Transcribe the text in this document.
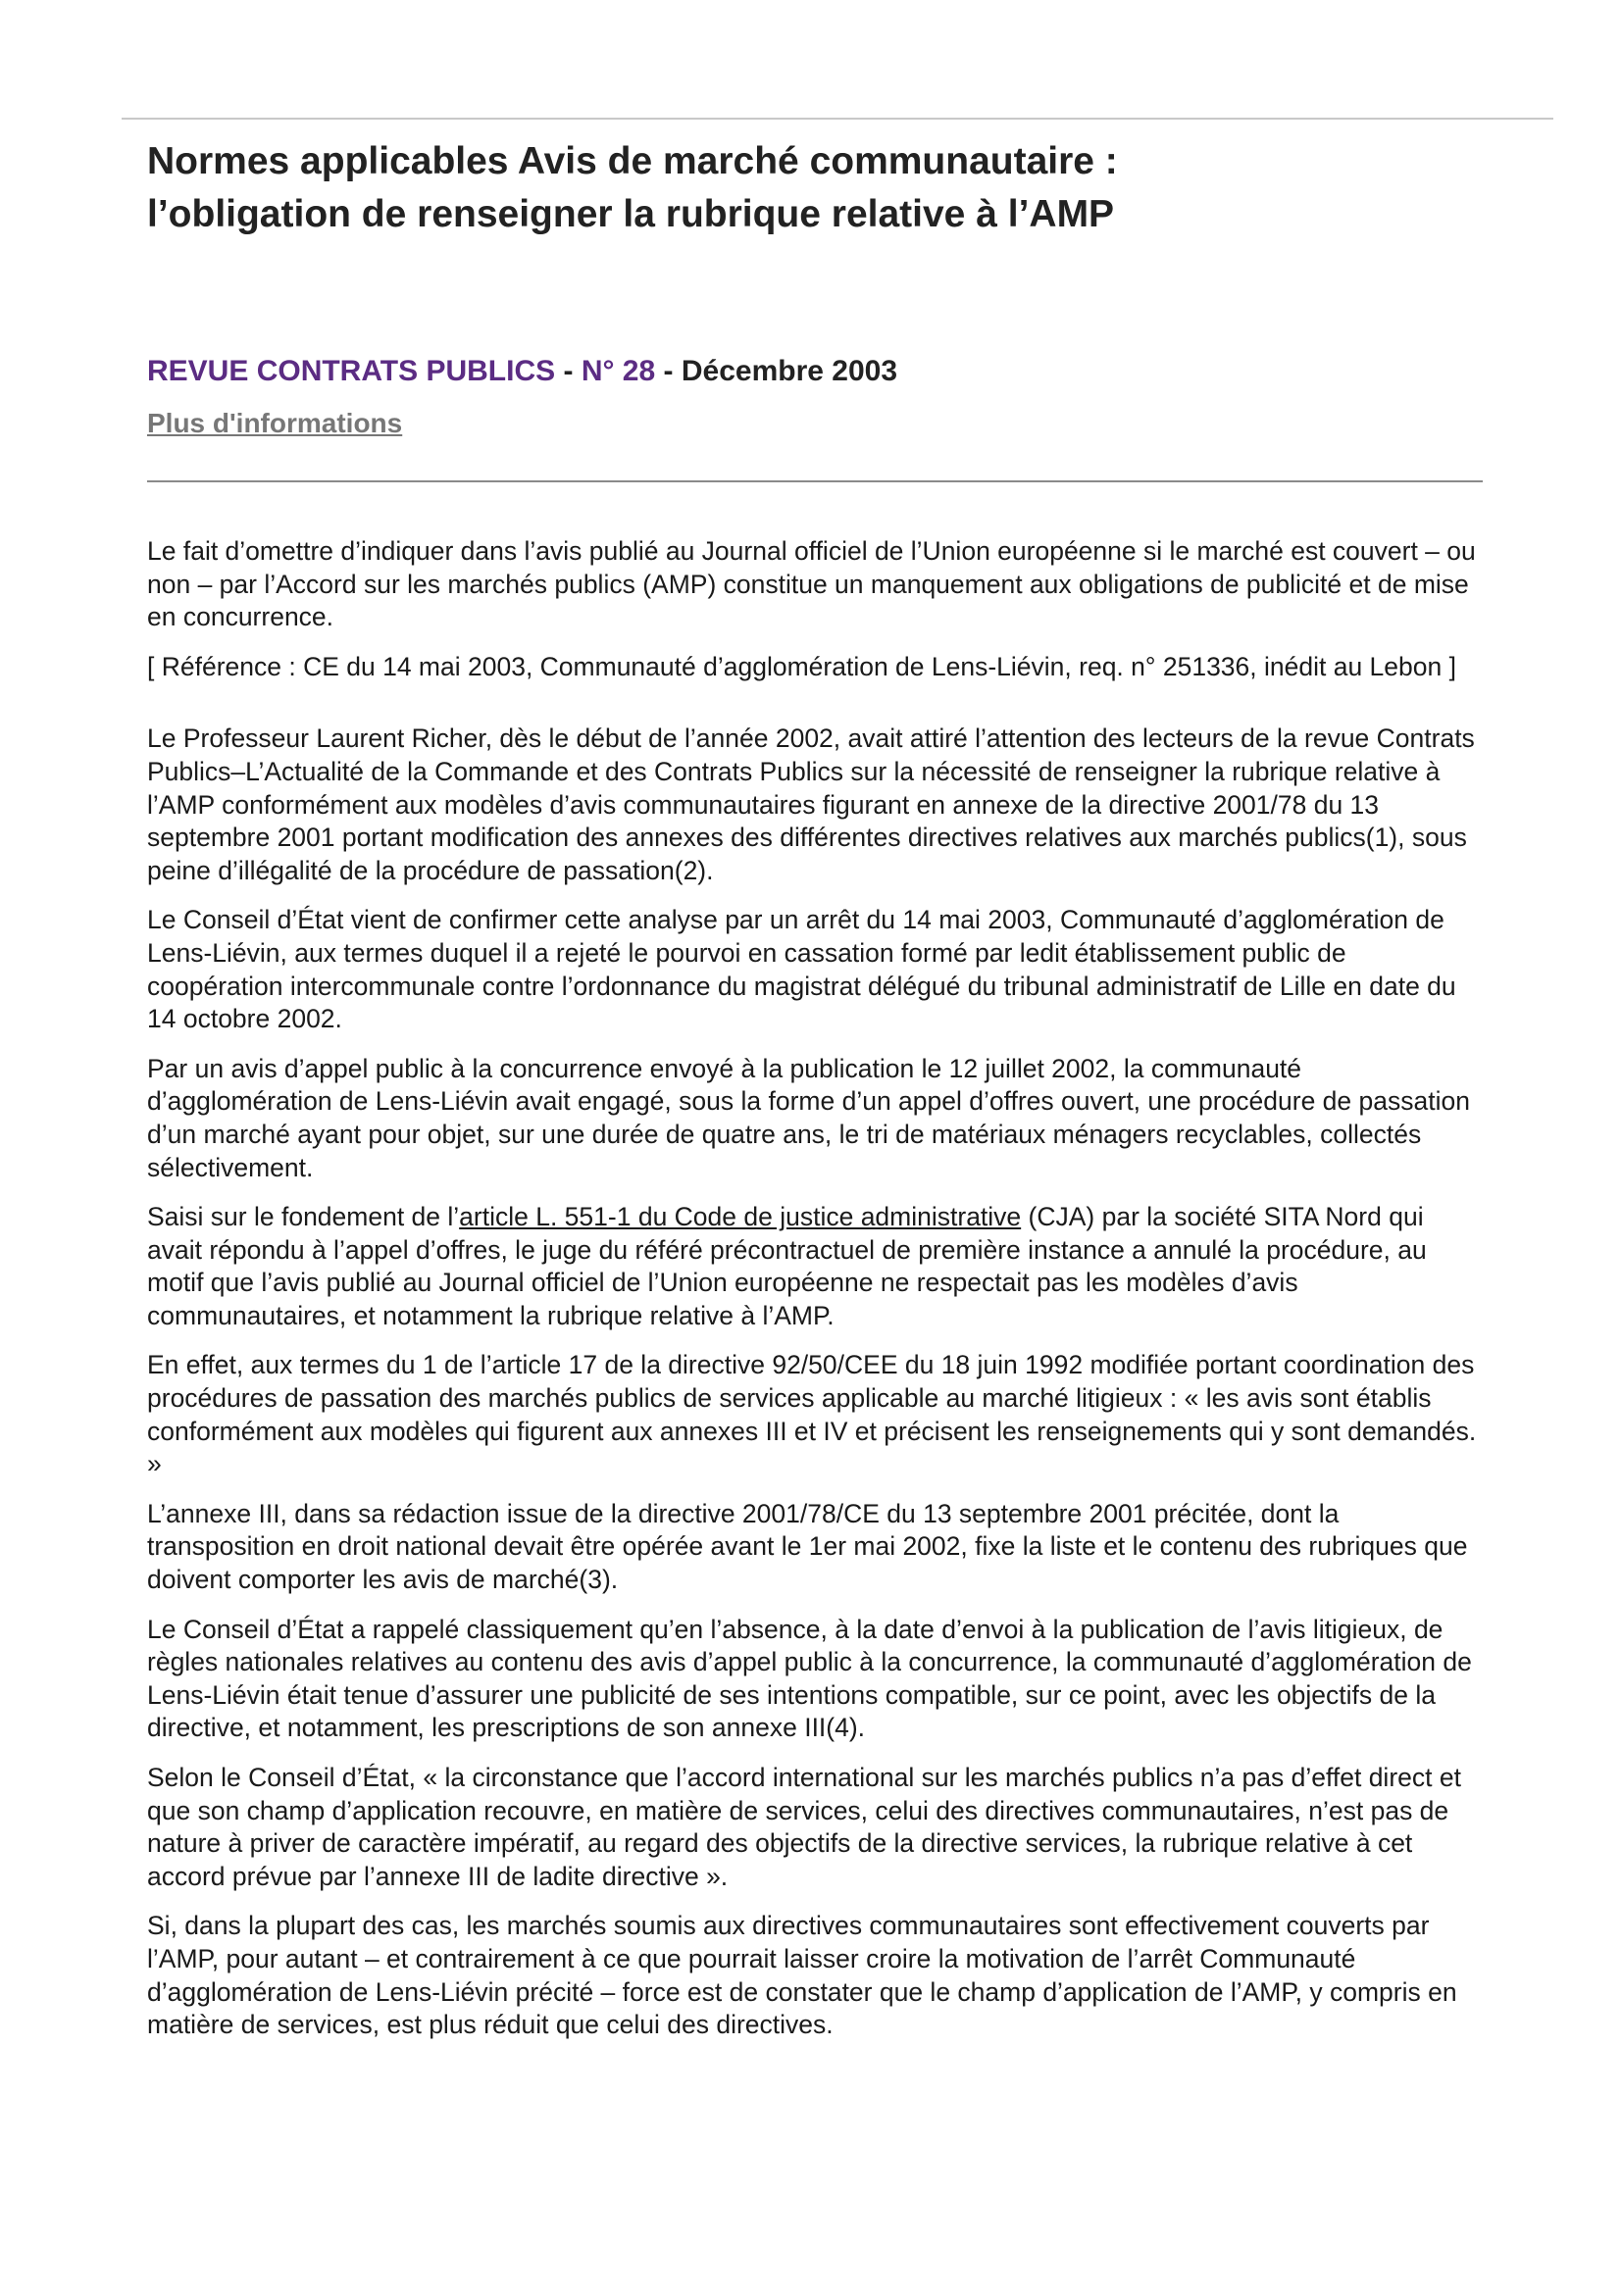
Normes applicables Avis de marché communautaire :
l’obligation de renseigner la rubrique relative à l’AMP
REVUE CONTRATS PUBLICS - N° 28 - Décembre 2003
Plus d'informations

Le fait d’omettre d’indiquer dans l’avis publié au Journal officiel de l’Union européenne si le marché est couvert – ou non – par l’Accord sur les marchés publics (AMP) constitue un manquement aux obligations de publicité et de mise en concurrence.

[ Référence : CE du 14 mai 2003, Communauté d’agglomération de Lens-Liévin, req. n° 251336, inédit au Lebon ]

Le Professeur Laurent Richer, dès le début de l’année 2002, avait attiré l’attention des lecteurs de la revue Contrats Publics–L’Actualité de la Commande et des Contrats Publics sur la nécessité de renseigner la rubrique relative à l’AMP conformément aux modèles d’avis communautaires figurant en annexe de la directive 2001/78 du 13 septembre 2001 portant modification des annexes des différentes directives relatives aux marchés publics(1), sous peine d’illégalité de la procédure de passation(2).

Le Conseil d’État vient de confirmer cette analyse par un arrêt du 14 mai 2003, Communauté d’agglomération de Lens-Liévin, aux termes duquel il a rejeté le pourvoi en cassation formé par ledit établissement public de coopération intercommunale contre l’ordonnance du magistrat délégué du tribunal administratif de Lille en date du 14 octobre 2002.

Par un avis d’appel public à la concurrence envoyé à la publication le 12 juillet 2002, la communauté d’agglomération de Lens-Liévin avait engagé, sous la forme d’un appel d’offres ouvert, une procédure de passation d’un marché ayant pour objet, sur une durée de quatre ans, le tri de matériaux ménagers recyclables, collectés sélectivement.

Saisi sur le fondement de l’article L. 551-1 du Code de justice administrative (CJA) par la société SITA Nord qui avait répondu à l’appel d’offres, le juge du référé précontractuel de première instance a annulé la procédure, au motif que l’avis publié au Journal officiel de l’Union européenne ne respectait pas les modèles d’avis communautaires, et notamment la rubrique relative à l’AMP.

En effet, aux termes du 1 de l’article 17 de la directive 92/50/CEE du 18 juin 1992 modifiée portant coordination des procédures de passation des marchés publics de services applicable au marché litigieux : « les avis sont établis conformément aux modèles qui figurent aux annexes III et IV et précisent les renseignements qui y sont demandés. »

L’annexe III, dans sa rédaction issue de la directive 2001/78/CE du 13 septembre 2001 précitée, dont la transposition en droit national devait être opérée avant le 1er mai 2002, fixe la liste et le contenu des rubriques que doivent comporter les avis de marché(3).

Le Conseil d’État a rappelé classiquement qu’en l’absence, à la date d’envoi à la publication de l’avis litigieux, de règles nationales relatives au contenu des avis d’appel public à la concurrence, la communauté d’agglomération de Lens-Liévin était tenue d’assurer une publicité de ses intentions compatible, sur ce point, avec les objectifs de la directive, et notamment, les prescriptions de son annexe III(4).

Selon le Conseil d’État, « la circonstance que l’accord international sur les marchés publics n’a pas d’effet direct et que son champ d’application recouvre, en matière de services, celui des directives communautaires, n’est pas de nature à priver de caractère impératif, au regard des objectifs de la directive services, la rubrique relative à cet accord prévue par l’annexe III de ladite directive ».

Si, dans la plupart des cas, les marchés soumis aux directives communautaires sont effectivement couverts par l’AMP, pour autant – et contrairement à ce que pourrait laisser croire la motivation de l’arrêt Communauté d’agglomération de Lens-Liévin précité – force est de constater que le champ d’application de l’AMP, y compris en matière de services, est plus réduit que celui des directives.
